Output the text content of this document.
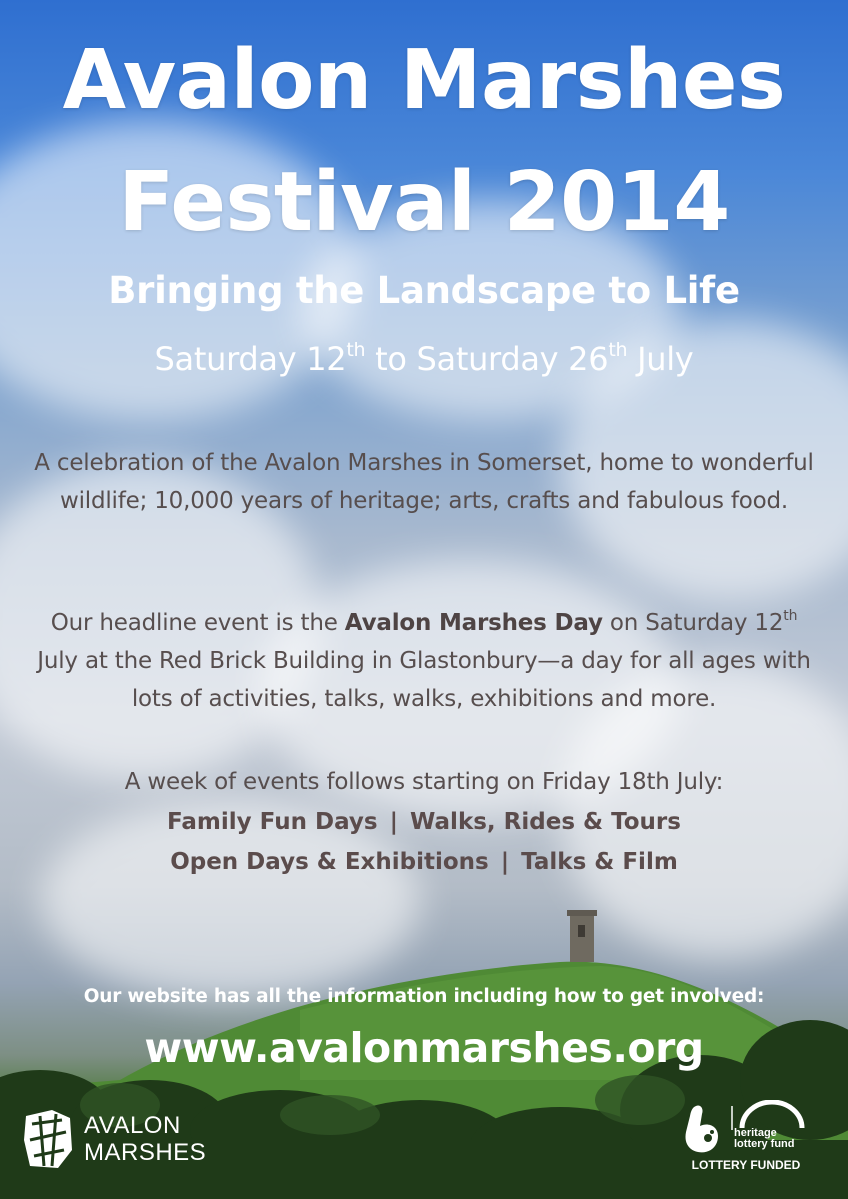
Avalon Marshes
Festival 2014
Bringing the Landscape to Life
Saturday 12th to Saturday 26th July

A celebration of the Avalon Marshes in Somerset, home to wonderful wildlife; 10,000 years of heritage; arts, crafts and fabulous food.

Our headline event is the Avalon Marshes Day on Saturday 12th July at the Red Brick Building in Glastonbury—a day for all ages with lots of activities, talks, walks, exhibitions and more.

A week of events follows starting on Friday 18th July:

Family Fun Days | Walks, Rides & Tours
Open Days & Exhibitions | Talks & Film
Our website has all the information including how to get involved:
www.avalonmarshes.org
AVALON
MARSHES
heritage
lottery fund
LOTTERY FUNDED
